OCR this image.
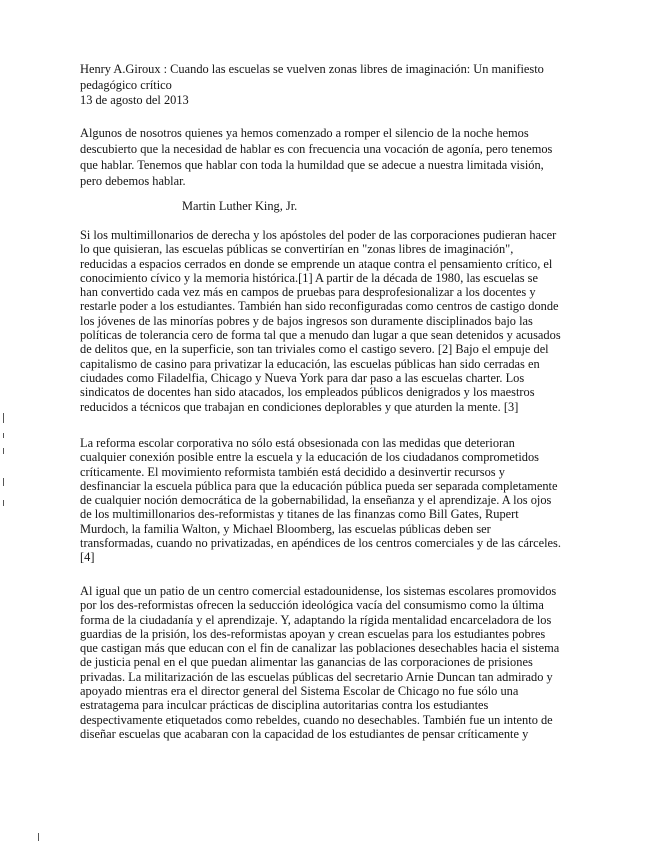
Henry A.Giroux : Cuando las escuelas se vuelven zonas libres de imaginación: Un manifiesto
pedagógico crítico
13 de agosto del 2013
Algunos de nosotros quienes ya hemos comenzado a romper el silencio de la noche hemos
descubierto que la necesidad de hablar es con frecuencia una vocación de agonía, pero tenemos
que hablar. Tenemos que hablar con toda la humildad que se adecue a nuestra limitada visión,
pero debemos hablar.
Martin Luther King, Jr.
Si los multimillonarios de derecha y los apóstoles del poder de las corporaciones pudieran hacer
lo que quisieran, las escuelas públicas se convertirían en "zonas libres de imaginación",
reducidas a espacios cerrados en donde se emprende un ataque contra el pensamiento crítico, el
conocimiento cívico y la memoria histórica.[1] A partir de la década de 1980, las escuelas se
han convertido cada vez más en campos de pruebas para desprofesionalizar a los docentes y
restarle poder a los estudiantes. También han sido reconfiguradas como centros de castigo donde
los jóvenes de las minorías pobres y de bajos ingresos son duramente disciplinados bajo las
políticas de tolerancia cero de forma tal que a menudo dan lugar a que sean detenidos y acusados
de delitos que, en la superficie, son tan triviales como el castigo severo. [2] Bajo el empuje del
capitalismo de casino para privatizar la educación, las escuelas públicas han sido cerradas en
ciudades como Filadelfia, Chicago y Nueva York para dar paso a las escuelas charter. Los
sindicatos de docentes han sido atacados, los empleados públicos denigrados y los maestros
reducidos a técnicos que trabajan en condiciones deplorables y que aturden la mente. [3]
La reforma escolar corporativa no sólo está obsesionada con las medidas que deterioran
cualquier conexión posible entre la escuela y la educación de los ciudadanos comprometidos
críticamente. El movimiento reformista también está decidido a desinvertir recursos y
desfinanciar la escuela pública para que la educación pública pueda ser separada completamente
de cualquier noción democrática de la gobernabilidad, la enseñanza y el aprendizaje. A los ojos
de los multimillonarios des-reformistas y titanes de las finanzas como Bill Gates, Rupert
Murdoch, la familia Walton, y Michael Bloomberg, las escuelas públicas deben ser
transformadas, cuando no privatizadas, en apéndices de los centros comerciales y de las cárceles.
[4]
Al igual que un patio de un centro comercial estadounidense, los sistemas escolares promovidos
por los des-reformistas ofrecen la seducción ideológica vacía del consumismo como la última
forma de la ciudadanía y el aprendizaje. Y, adaptando la rígida mentalidad encarceladora de los
guardias de la prisión, los des-reformistas apoyan y crean escuelas para los estudiantes pobres
que castigan más que educan con el fin de canalizar las poblaciones desechables hacia el sistema
de justicia penal en el que puedan alimentar las ganancias de las corporaciones de prisiones
privadas. La militarización de las escuelas públicas del secretario Arnie Duncan tan admirado y
apoyado mientras era el director general del Sistema Escolar de Chicago no fue sólo una
estratagema para inculcar prácticas de disciplina autoritarias contra los estudiantes
despectivamente etiquetados como rebeldes, cuando no desechables. También fue un intento de
diseñar escuelas que acabaran con la capacidad de los estudiantes de pensar críticamente y
